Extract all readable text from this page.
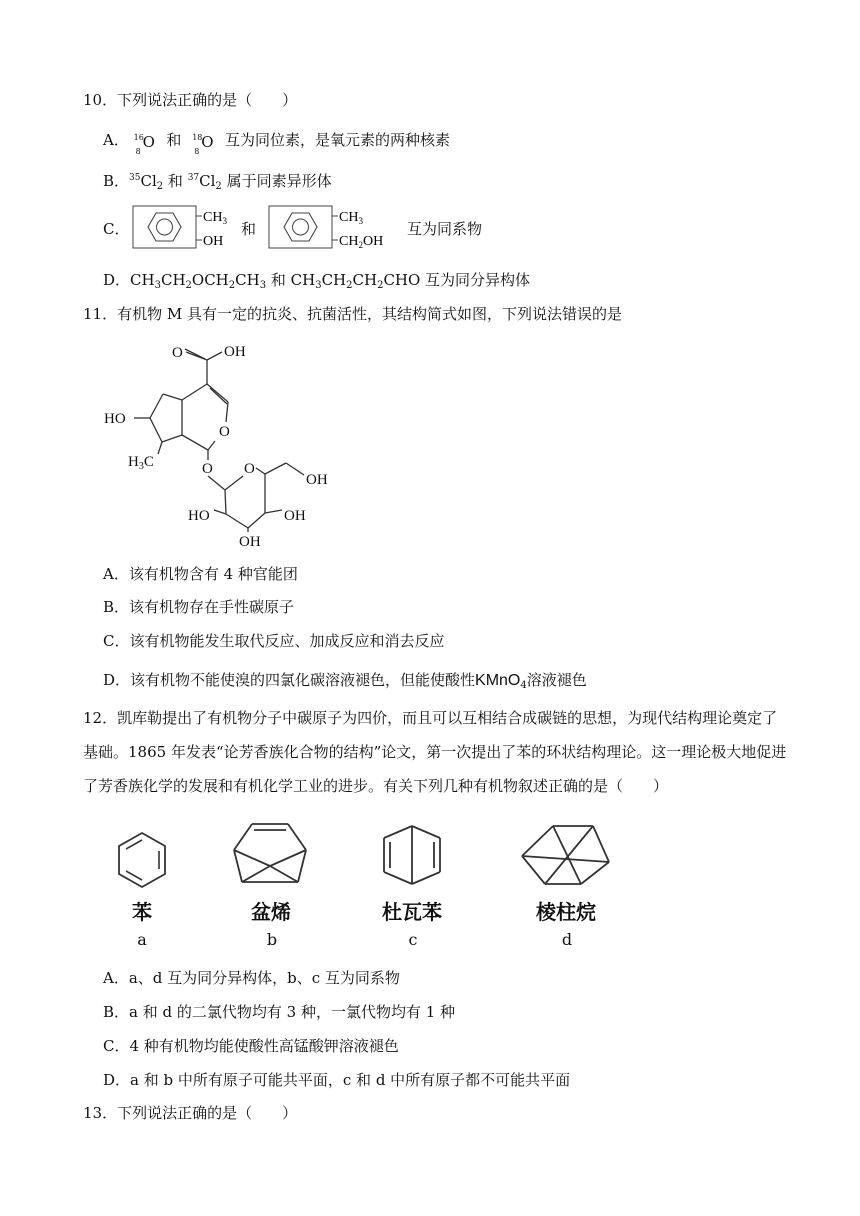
10．下列说法正确的是（　　）
A． 16
8
O 和 18
8
O 互为同位素，是氧元素的两种核素
B．$^{35}Cl_2$ 和 $^{37}Cl_2$ 属于同素异形体
C．
$CH_3$
OH
和
$CH_3$
$CH_2OH$
互为同系物
D．$CH_3CH_2OCH_2CH_3$ 和 $CH_3CH_2CH_2CHO$ 互为同分异构体
11．有机物 M 具有一定的抗炎、抗菌活性，其结构简式如图，下列说法错误的是
O	OH
O
HO
$H_3C$	O O
OH
HO	OH
OH
A．该有机物含有 4 种官能团
B．该有机物存在手性碳原子
C．该有机物能发生取代反应、加成反应和消去反应
D．该有机物不能使溴的四氯化碳溶液褪色，但能使酸性KMnO$_4$溶液褪色
12．凯库勒提出了有机物分子中碳原子为四价，而且可以互相结合成碳链的思想，为现代结构理论奠定了
基础。1865 年发表“论芳香族化合物的结构”论文，第一次提出了苯的环状结构理论。这一理论极大地促进
了芳香族化学的发展和有机化学工业的进步。有关下列几种有机物叙述正确的是（　　）
苯	盆烯	杜瓦苯	棱柱烷
a	b	c	d
A．a、d 互为同分异构体，b、c 互为同系物
B．a 和 d 的二氯代物均有 3 种，一氯代物均有 1 种
C．4 种有机物均能使酸性高锰酸钾溶液褪色
D．a 和 b 中所有原子可能共平面，c 和 d 中所有原子都不可能共平面
13．下列说法正确的是（　　）
